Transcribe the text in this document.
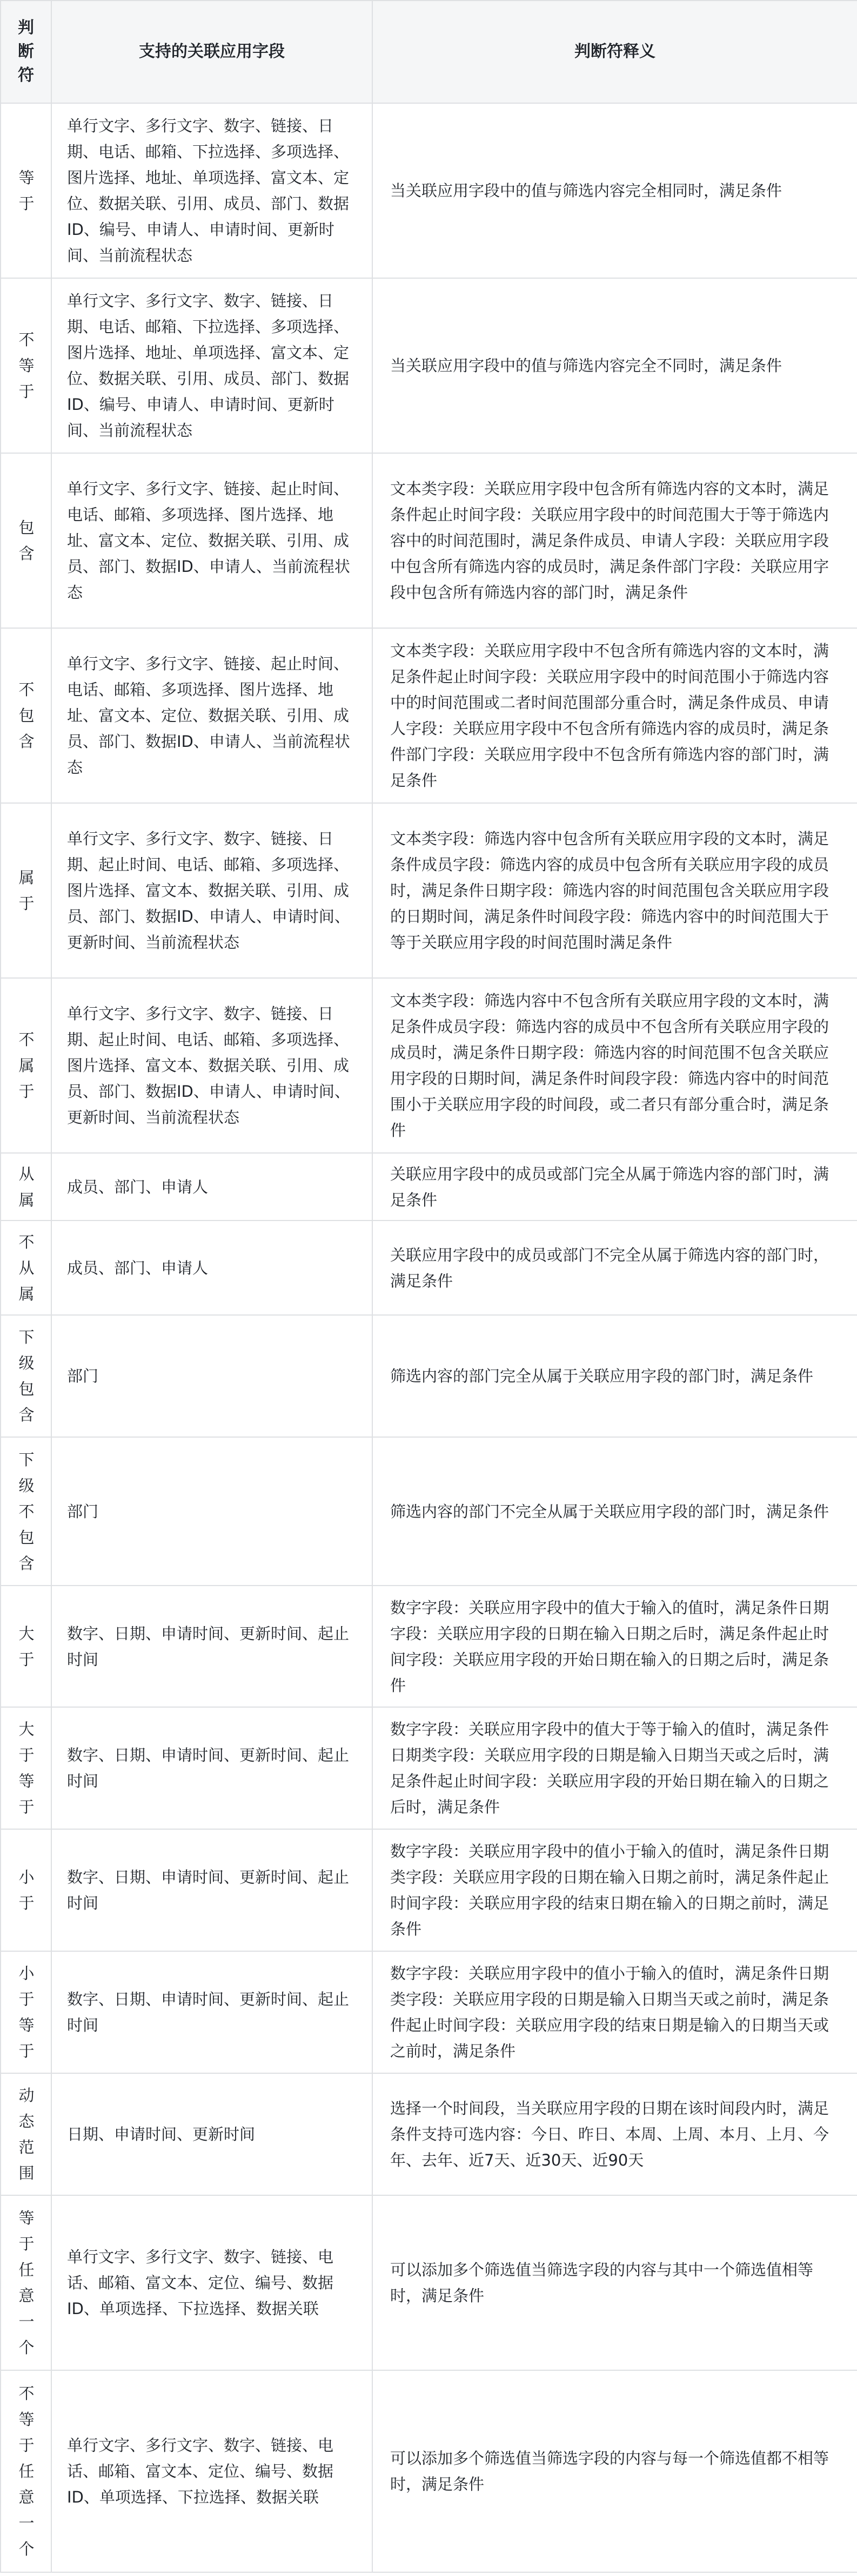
判断符	支持的关联应用字段	判断符释义

等于	单行文字、多行文字、数字、链接、日期、电话、邮箱、下拉选择、多项选择、图片选择、地址、单项选择、富文本、定位、数据关联、引用、成员、部门、数据ID、编号、申请人、申请时间、更新时间、当前流程状态	当关联应用字段中的值与筛选内容完全相同时，满足条件

不等于	单行文字、多行文字、数字、链接、日期、电话、邮箱、下拉选择、多项选择、图片选择、地址、单项选择、富文本、定位、数据关联、引用、成员、部门、数据ID、编号、申请人、申请时间、更新时间、当前流程状态	当关联应用字段中的值与筛选内容完全不同时，满足条件

包含	单行文字、多行文字、链接、起止时间、电话、邮箱、多项选择、图片选择、地址、富文本、定位、数据关联、引用、成员、部门、数据ID、申请人、当前流程状态	文本类字段：关联应用字段中包含所有筛选内容的文本时，满足条件起止时间字段：关联应用字段中的时间范围大于等于筛选内容中的时间范围时，满足条件成员、申请人字段：关联应用字段中包含所有筛选内容的成员时，满足条件部门字段：关联应用字段中包含所有筛选内容的部门时，满足条件

不包含	单行文字、多行文字、链接、起止时间、电话、邮箱、多项选择、图片选择、地址、富文本、定位、数据关联、引用、成员、部门、数据ID、申请人、当前流程状态	文本类字段：关联应用字段中不包含所有筛选内容的文本时，满足条件起止时间字段：关联应用字段中的时间范围小于筛选内容中的时间范围或二者时间范围部分重合时，满足条件成员、申请人字段：关联应用字段中不包含所有筛选内容的成员时，满足条件部门字段：关联应用字段中不包含所有筛选内容的部门时，满足条件

属于	单行文字、多行文字、数字、链接、日期、起止时间、电话、邮箱、多项选择、图片选择、富文本、数据关联、引用、成员、部门、数据ID、申请人、申请时间、更新时间、当前流程状态	文本类字段：筛选内容中包含所有关联应用字段的文本时，满足条件成员字段：筛选内容的成员中包含所有关联应用字段的成员时，满足条件日期字段：筛选内容的时间范围包含关联应用字段的日期时间，满足条件时间段字段：筛选内容中的时间范围大于等于关联应用字段的时间范围时满足条件

不属于	单行文字、多行文字、数字、链接、日期、起止时间、电话、邮箱、多项选择、图片选择、富文本、数据关联、引用、成员、部门、数据ID、申请人、申请时间、更新时间、当前流程状态	文本类字段：筛选内容中不包含所有关联应用字段的文本时，满足条件成员字段：筛选内容的成员中不包含所有关联应用字段的成员时，满足条件日期字段：筛选内容的时间范围不包含关联应用字段的日期时间，满足条件时间段字段：筛选内容中的时间范围小于关联应用字段的时间段，或二者只有部分重合时，满足条件

从属	成员、部门、申请人	关联应用字段中的成员或部门完全从属于筛选内容的部门时，满足条件

不从属	成员、部门、申请人	关联应用字段中的成员或部门不完全从属于筛选内容的部门时，满足条件

下级包含	部门	筛选内容的部门完全从属于关联应用字段的部门时，满足条件

下级不包含	部门	筛选内容的部门不完全从属于关联应用字段的部门时，满足条件

大于	数字、日期、申请时间、更新时间、起止时间	数字字段：关联应用字段中的值大于输入的值时，满足条件日期字段：关联应用字段的日期在输入日期之后时，满足条件起止时间字段：关联应用字段的开始日期在输入的日期之后时，满足条件

大于等于	数字、日期、申请时间、更新时间、起止时间	数字字段：关联应用字段中的值大于等于输入的值时，满足条件日期类字段：关联应用字段的日期是输入日期当天或之后时，满足条件起止时间字段：关联应用字段的开始日期在输入的日期之后时，满足条件

小于	数字、日期、申请时间、更新时间、起止时间	数字字段：关联应用字段中的值小于输入的值时，满足条件日期类字段：关联应用字段的日期在输入日期之前时，满足条件起止时间字段：关联应用字段的结束日期在输入的日期之前时，满足条件

小于等于	数字、日期、申请时间、更新时间、起止时间	数字字段：关联应用字段中的值小于输入的值时，满足条件日期类字段：关联应用字段的日期是输入日期当天或之前时，满足条件起止时间字段：关联应用字段的结束日期是输入的日期当天或之前时，满足条件

动态范围	日期、申请时间、更新时间	选择一个时间段，当关联应用字段的日期在该时间段内时，满足条件支持可选内容：今日、昨日、本周、上周、本月、上月、今年、去年、近7天、近30天、近90天

等于任意一个	单行文字、多行文字、数字、链接、电话、邮箱、富文本、定位、编号、数据ID、单项选择、下拉选择、数据关联	可以添加多个筛选值当筛选字段的内容与其中一个筛选值相等时，满足条件

不等于任意一个	单行文字、多行文字、数字、链接、电话、邮箱、富文本、定位、编号、数据ID、单项选择、下拉选择、数据关联	可以添加多个筛选值当筛选字段的内容与每一个筛选值都不相等时，满足条件
